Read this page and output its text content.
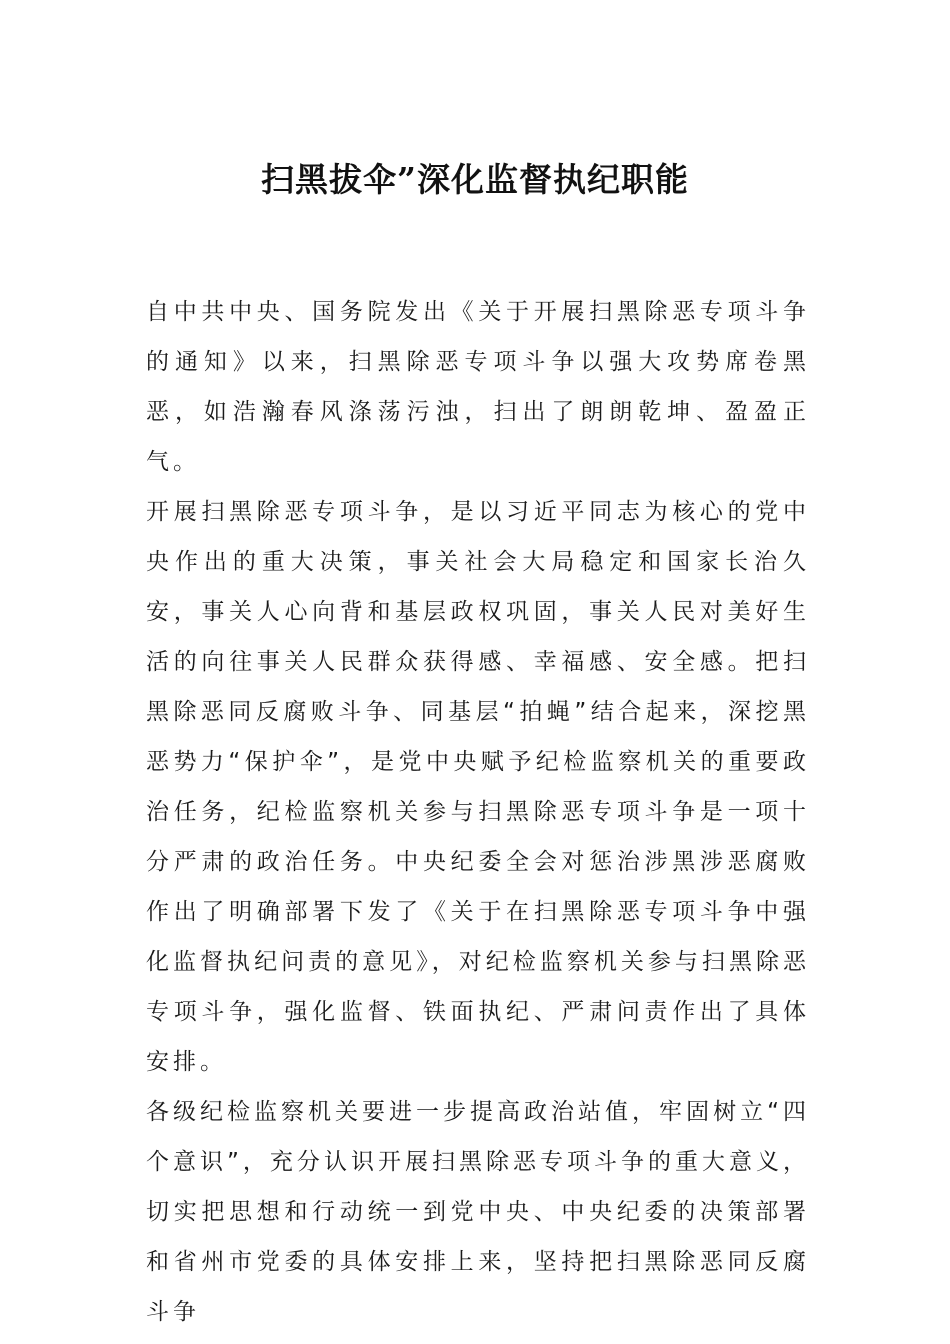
扫黑拔伞”深化监督执纪职能

自中共中央、国务院发出《关于开展扫黑除恶专项斗争的通知》以来，扫黑除恶专项斗争以强大攻势席卷黑恶，如浩瀚春风涤荡污浊，扫出了朗朗乾坤、盈盈正气。

开展扫黑除恶专项斗争，是以习近平同志为核心的党中央作出的重大决策，事关社会大局稳定和国家长治久安，事关人心向背和基层政权巩固，事关人民对美好生活的向往事关人民群众获得感、幸福感、安全感。把扫黑除恶同反腐败斗争、同基层“拍蝇”结合起来，深挖黑恶势力“保护伞”，是党中央赋予纪检监察机关的重要政治任务，纪检监察机关参与扫黑除恶专项斗争是一项十分严肃的政治任务。中央纪委全会对惩治涉黑涉恶腐败作出了明确部署下发了《关于在扫黑除恶专项斗争中强化监督执纪问责的意见》，对纪检监察机关参与扫黑除恶专项斗争，强化监督、铁面执纪、严肃问责作出了具体安排。

各级纪检监察机关要进一步提高政治站值，牢固树立“四个意识”，充分认识开展扫黑除恶专项斗争的重大意义，切实把思想和行动统一到党中央、中央纪委的决策部署和省州市党委的具体安排上来，坚持把扫黑除恶同反腐斗争
